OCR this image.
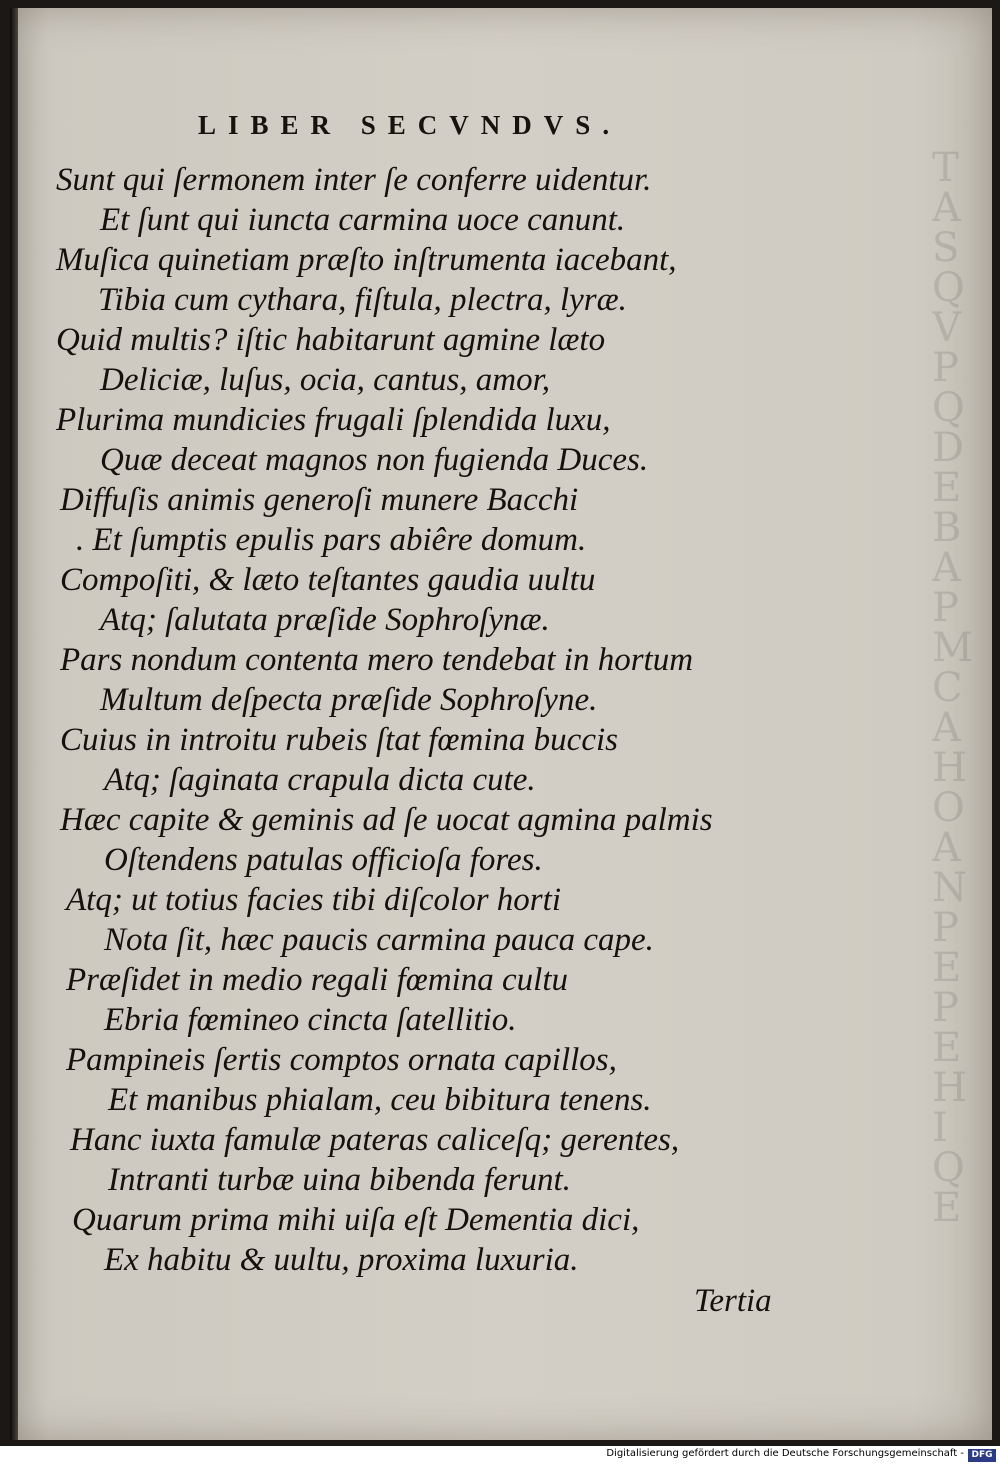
T
A
S
Q
V
P
Q
D
E
B
A
P
M
C
A
H
O
A
N
P
E
P
E
H
I
Q
E
LIBER SECVNDVS.
Sunt qui ſermonem inter ſe conferre uidentur.
Et ſunt qui iuncta carmina uoce canunt.
Muſica quinetiam præſto inſtrumenta iacebant,
Tibia cum cythara, fiſtula, plectra, lyræ.
Quid multis? iſtic habitarunt agmine læto
Deliciæ, luſus, ocia, cantus, amor,
Plurima mundicies frugali ſplendida luxu,
Quæ deceat magnos non fugienda Duces.
Diffuſis animis generoſi munere Bacchi
. Et ſumptis epulis pars abiêre domum.
Compoſiti, & læto teſtantes gaudia uultu
Atq; ſalutata præſide Sophroſynæ.
Pars nondum contenta mero tendebat in hortum
Multum deſpecta præſide Sophroſyne.
Cuius in introitu rubeis ſtat fœmina buccis
Atq; ſaginata crapula dicta cute.
Hæc capite & geminis ad ſe uocat agmina palmis
Oſtendens patulas officioſa fores.
Atq; ut totius facies tibi diſcolor horti
Nota ſit, hæc paucis carmina pauca cape.
Præſidet in medio regali fœmina cultu
Ebria fœmineo cincta ſatellitio.
Pampineis ſertis comptos ornata capillos,
Et manibus phialam, ceu bibitura tenens.
Hanc iuxta famulæ pateras caliceſq; gerentes,
Intranti turbæ uina bibenda ferunt.
Quarum prima mihi uiſa eſt Dementia dici,
Ex habitu & uultu, proxima luxuria.
Tertia
Digitalisierung gefördert durch die Deutsche Forschungsgemeinschaft - DFG
